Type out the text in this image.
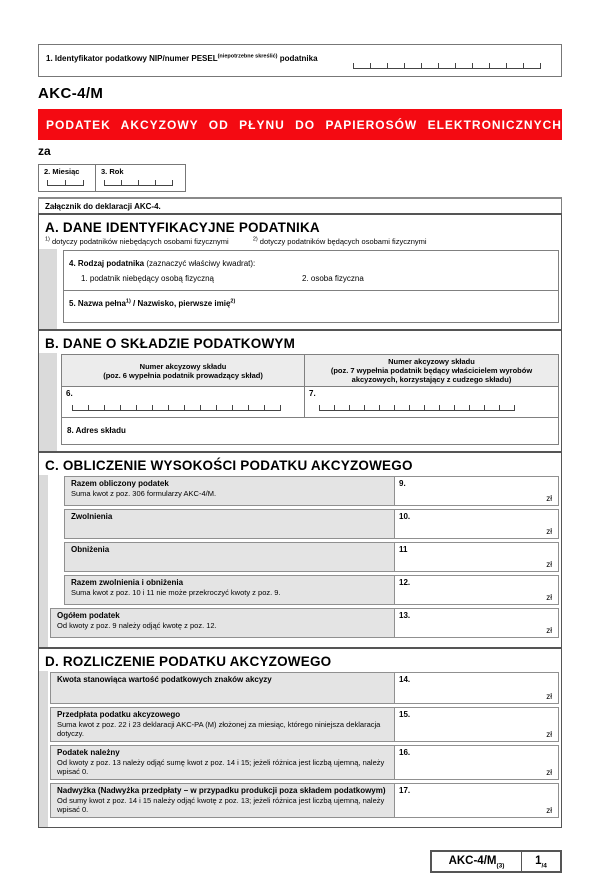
1. Identyfikator podatkowy NIP/numer $PESEL^{(niepotrzebne skreślić)}$ podatnika
AKC-4/M
PODATEK AKCYZOWY OD PŁYNU DO PAPIEROSÓW ELEKTRONICZNYCH
za
2. Miesiąc	3. Rok
Załącznik do deklaracji AKC-4.
A. DANE IDENTYFIKACYJNE PODATNIKA
$^{1)}$ dotyczy podatników niebędących osobami fizycznymi	$^{2)}$ dotyczy podatników będących osobami fizycznymi
4. Rodzaj podatnika (zaznaczyć właściwy kwadrat):
1. podatnik niebędący osobą fizyczną	2. osoba fizyczna
5. Nazwa pełna$^{1)}$ / Nazwisko, pierwsze imię$^{2)}$
B. DANE O SKŁADZIE PODATKOWYM
Numer akcyzowy składu
(poz. 6 wypełnia podatnik prowadzący skład)
Numer akcyzowy składu
(poz. 7 wypełnia podatnik będący właścicielem wyrobów akcyzowych, korzystający z cudzego składu)
6.	7.
8. Adres składu
C. OBLICZENIE WYSOKOŚCI PODATKU AKCYZOWEGO
Razem obliczony podatek
Suma kwot z poz. 306 formularzy AKC-4/M.
9.
zł
Zwolnienia	10.
zł
Obniżenia	11
zł
Razem zwolnienia i obniżenia
Suma kwot z poz. 10 i 11 nie może przekroczyć kwoty z poz. 9.
12.
zł
Ogółem podatek
Od kwoty z poz. 9 należy odjąć kwotę z poz. 12.
13.
zł
D. ROZLICZENIE PODATKU AKCYZOWEGO
Kwota stanowiąca wartość podatkowych znaków akcyzy	14.
zł
Przedpłata podatku akcyzowego
Suma kwot z poz. 22 i 23 deklaracji AKC-PA (M) złożonej za miesiąc, którego niniejsza deklaracja dotyczy.
15.
zł
Podatek należny
Od kwoty z poz. 13 należy odjąć sumę kwot z poz. 14 i 15; jeżeli różnica jest liczbą ujemną, należy wpisać 0.
16.
zł
Nadwyżka (Nadwyżka przedpłaty – w przypadku produkcji poza składem podatkowym)
Od sumy kwot z poz. 14 i 15 należy odjąć kwotę z poz. 13; jeżeli różnica jest liczbą ujemną, należy wpisać 0.
17.
zł
AKC-$4/M_{(3)}$	$1_{/4}$
